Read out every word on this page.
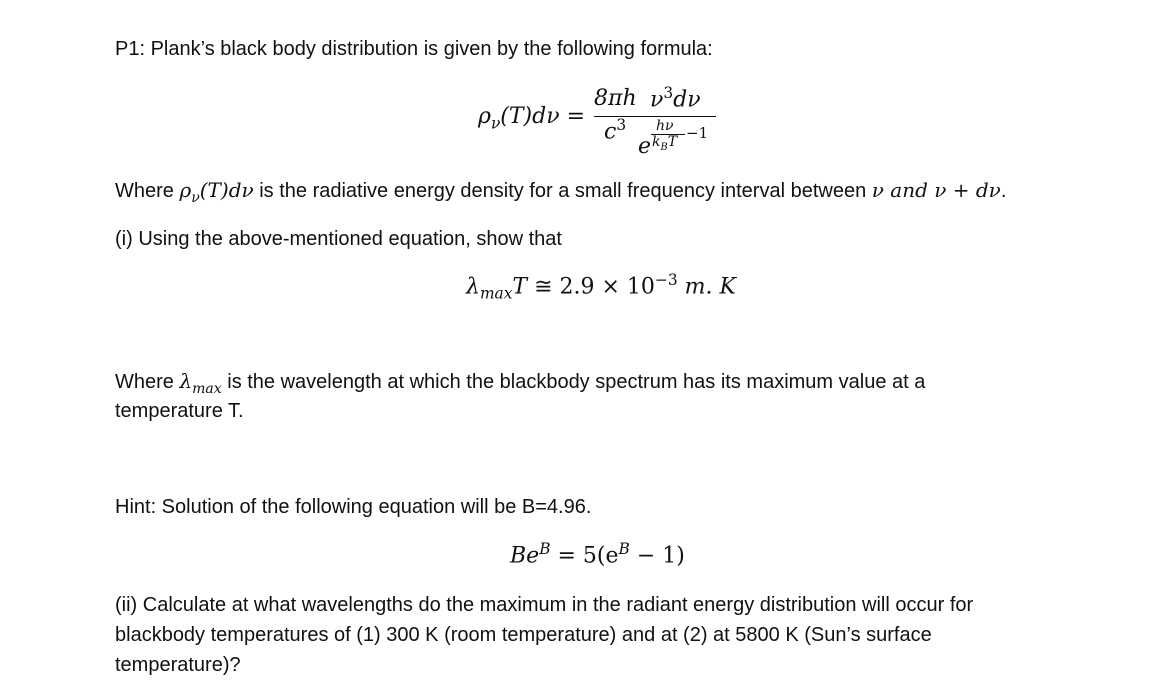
P1: Plank’s black body distribution is given by the following formula:
$\rho_\nu(T)d\nu$ =
8πh
$c^3$
$\nu^3d\nu$
e
hν
$k_BT -1$
Where $\rho_\nu(T)d\nu$ is the radiative energy density for a small frequency interval between ν and ν + dν.
(i) Using the above-mentioned equation, show that
$\lambda_{max}T$ ≅ $2.9 \times 10^{-3}$ m. K
Where $\lambda_{max}$ is the wavelength at which the blackbody spectrum has its maximum value at a
temperature T.
Hint: Solution of the following equation will be B=4.96.
$Be^B = 5(e^B - 1)$
(ii) Calculate at what wavelengths do the maximum in the radiant energy distribution will occur for
blackbody temperatures of (1) 300 K (room temperature) and at (2) at 5800 K (Sun’s surface
temperature)?
